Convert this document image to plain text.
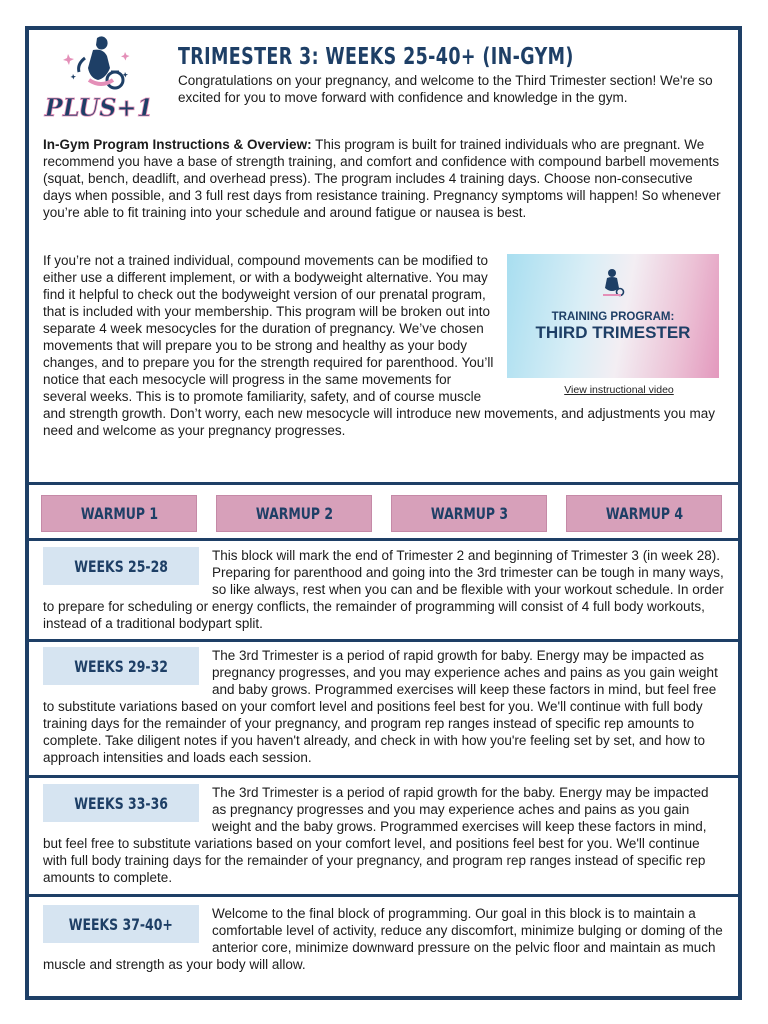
PLUS+1
TRIMESTER 3: WEEKS 25-40+ (IN-GYM)

Congratulations on your pregnancy, and welcome to the Third Trimester section! We're so excited for you to move forward with confidence and knowledge in the gym.

In-Gym Program Instructions & Overview: This program is built for trained individuals who are pregnant. We recommend you have a base of strength training, and comfort and confidence with compound barbell movements (squat, bench, deadlift, and overhead press). The program includes 4 training days. Choose non-consecutive days when possible, and 3 full rest days from resistance training. Pregnancy symptoms will happen! So whenever you’re able to fit training into your schedule and around fatigue or nausea is best.

TRAINING PROGRAM:
THIRD TRIMESTER
View instructional video

If you’re not a trained individual, compound movements can be modified to either use a different implement, or with a bodyweight alternative. You may find it helpful to check out the bodyweight version of our prenatal program, that is included with your membership. This program will be broken out into separate 4 week mesocycles for the duration of pregnancy. We’ve chosen movements that will prepare you to be strong and healthy as your body changes, and to prepare you for the strength required for parenthood. You’ll notice that each mesocycle will progress in the same movements for several weeks. This is to promote familiarity, safety, and of course muscle and strength growth. Don’t worry, each new mesocycle will introduce new movements, and adjustments you may need and welcome as your pregnancy progresses.

WARMUP 1	WARMUP 2	WARMUP 3	WARMUP 4
WEEKS 25-28

This block will mark the end of Trimester 2 and beginning of Trimester 3 (in week 28). Preparing for parenthood and going into the 3rd trimester can be tough in many ways, so like always, rest when you can and be flexible with your workout schedule. In order to prepare for scheduling or energy conflicts, the remainder of programming will consist of 4 full body workouts, instead of a traditional bodypart split.

WEEKS 29-32

The 3rd Trimester is a period of rapid growth for baby. Energy may be impacted as pregnancy progresses, and you may experience aches and pains as you gain weight and baby grows. Programmed exercises will keep these factors in mind, but feel free to substitute variations based on your comfort level and positions feel best for you. We'll continue with full body training days for the remainder of your pregnancy, and program rep ranges instead of specific rep amounts to complete. Take diligent notes if you haven't already, and check in with how you're feeling set by set, and how to approach intensities and loads each session.

WEEKS 33-36

The 3rd Trimester is a period of rapid growth for the baby. Energy may be impacted as pregnancy progresses and you may experience aches and pains as you gain weight and the baby grows. Programmed exercises will keep these factors in mind, but feel free to substitute variations based on your comfort level, and positions feel best for you. We'll continue with full body training days for the remainder of your pregnancy, and program rep ranges instead of specific rep amounts to complete.

WEEKS 37-40+

Welcome to the final block of programming. Our goal in this block is to maintain a comfortable level of activity, reduce any discomfort, minimize bulging or doming of the anterior core, minimize downward pressure on the pelvic floor and maintain as much muscle and strength as your body will allow.
